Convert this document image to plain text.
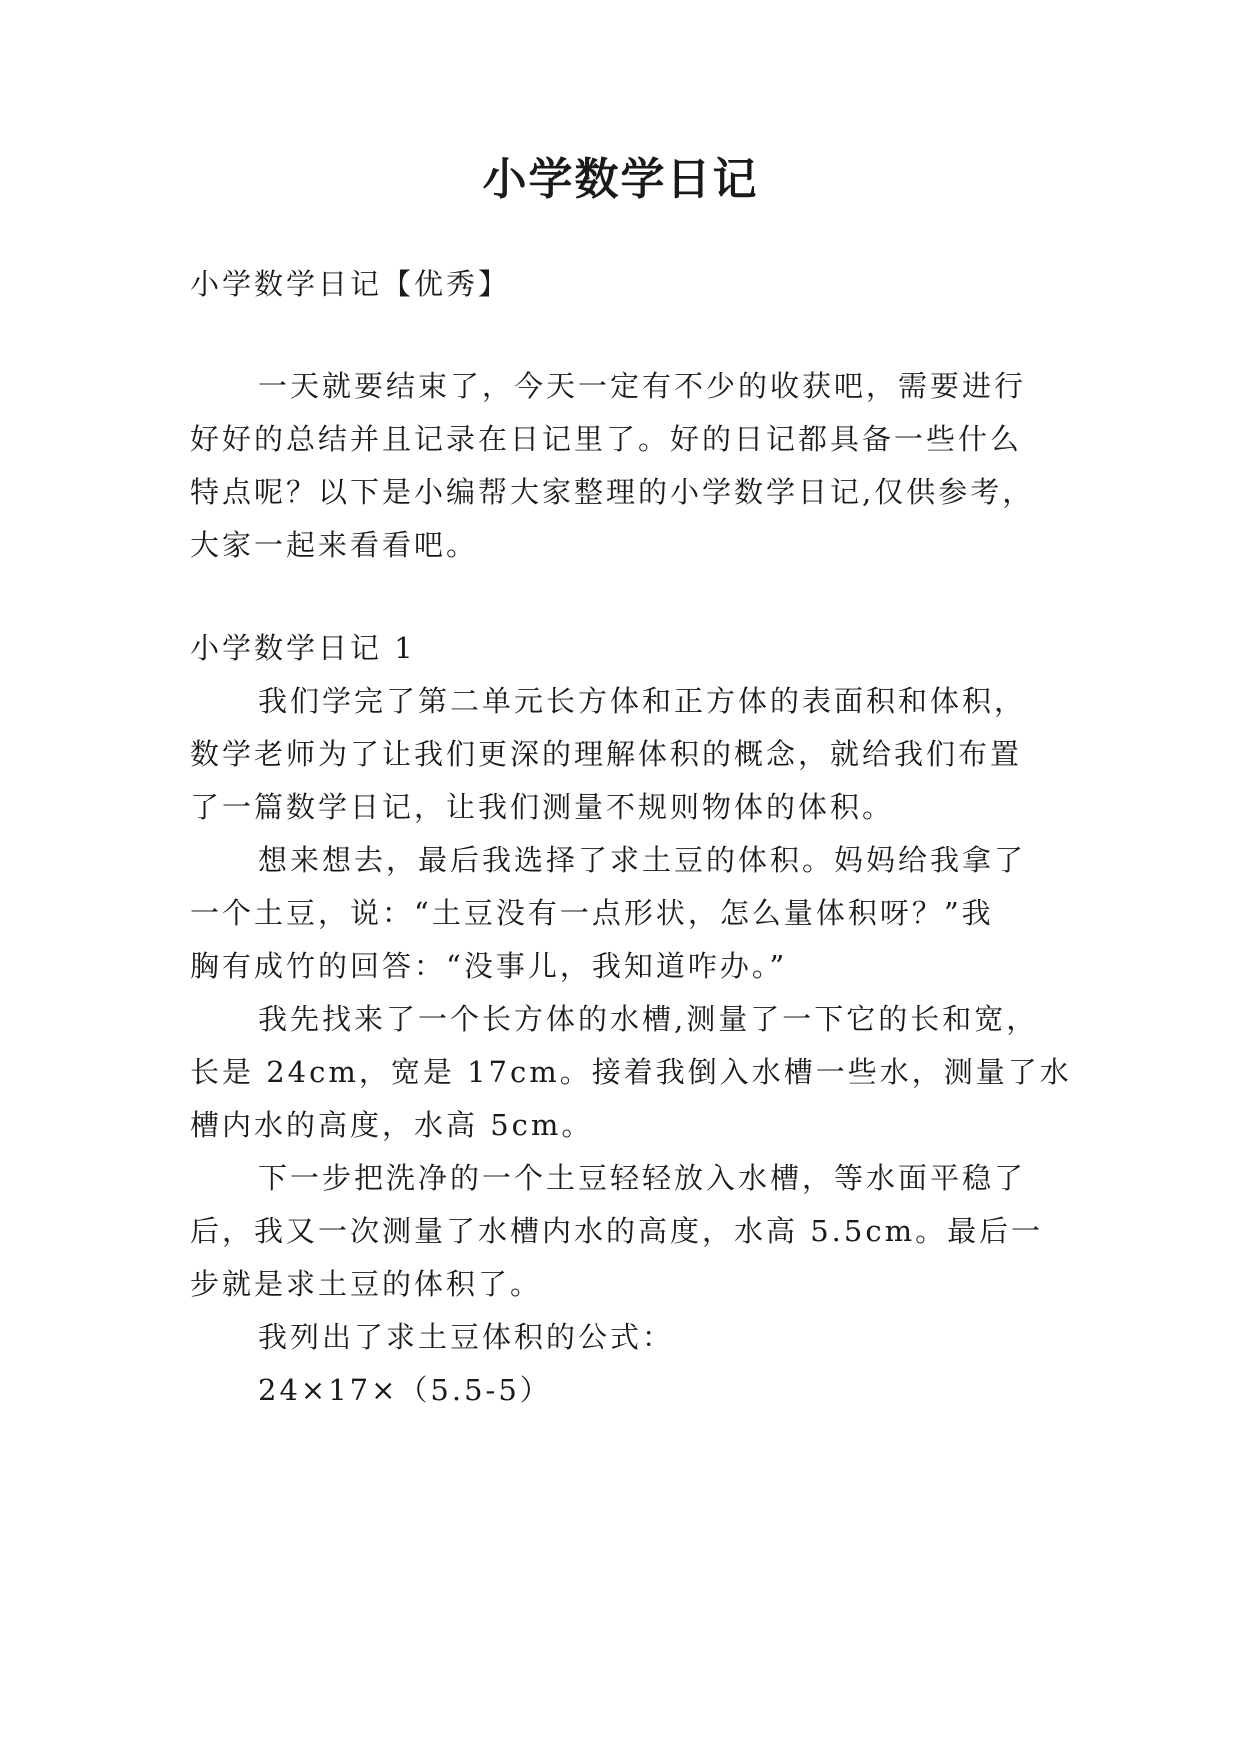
小学数学日记

小学数学日记【优秀】

一天就要结束了，今天一定有不少的收获吧，需要进行

好好的总结并且记录在日记里了。好的日记都具备一些什么

特点呢？以下是小编帮大家整理的小学数学日记,仅供参考，

大家一起来看看吧。

小学数学日记 1

我们学完了第二单元长方体和正方体的表面积和体积，

数学老师为了让我们更深的理解体积的概念，就给我们布置

了一篇数学日记，让我们测量不规则物体的体积。

想来想去，最后我选择了求土豆的体积。妈妈给我拿了

一个土豆，说：“土豆没有一点形状，怎么量体积呀？”我

胸有成竹的回答：“没事儿，我知道咋办。”

我先找来了一个长方体的水槽,测量了一下它的长和宽，

长是 24cm，宽是 17cm。接着我倒入水槽一些水，测量了水

槽内水的高度，水高 5cm。

下一步把洗净的一个土豆轻轻放入水槽，等水面平稳了

后，我又一次测量了水槽内水的高度，水高 5.5cm。最后一

步就是求土豆的体积了。

我列出了求土豆体积的公式：

24×17×（5.5-5）
